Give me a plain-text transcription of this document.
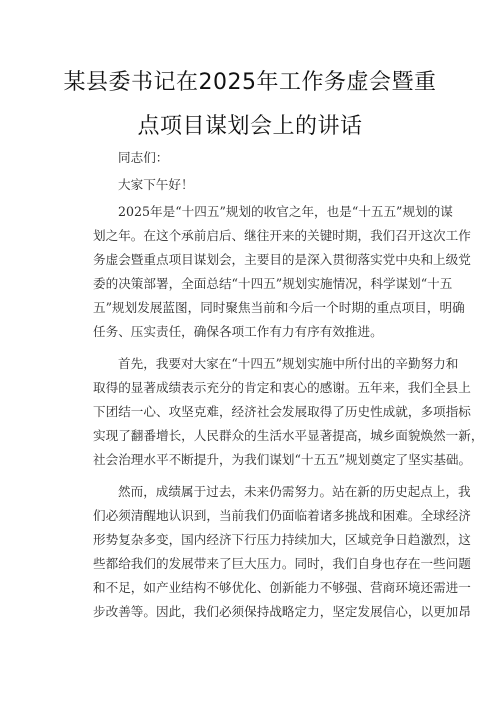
某县委书记在2025年工作务虚会暨重
点项目谋划会上的讲话
同志们：
大家下午好！
2025年是“十四五”规划的收官之年，也是“十五五”规划的谋
划之年。在这个承前启后、继往开来的关键时期，我们召开这次工作
务虚会暨重点项目谋划会，主要目的是深入贯彻落实党中央和上级党
委的决策部署，全面总结“十四五”规划实施情况，科学谋划“十五
五”规划发展蓝图，同时聚焦当前和今后一个时期的重点项目，明确
任务、压实责任，确保各项工作有力有序有效推进。
首先，我要对大家在“十四五”规划实施中所付出的辛勤努力和
取得的显著成绩表示充分的肯定和衷心的感谢。五年来，我们全县上
下团结一心、攻坚克难，经济社会发展取得了历史性成就，多项指标
实现了翻番增长，人民群众的生活水平显著提高，城乡面貌焕然一新，
社会治理水平不断提升，为我们谋划“十五五”规划奠定了坚实基础。
然而，成绩属于过去，未来仍需努力。站在新的历史起点上，我
们必须清醒地认识到，当前我们仍面临着诸多挑战和困难。全球经济
形势复杂多变，国内经济下行压力持续加大，区域竞争日趋激烈，这
些都给我们的发展带来了巨大压力。同时，我们自身也存在一些问题
和不足，如产业结构不够优化、创新能力不够强、营商环境还需进一
步改善等。因此，我们必须保持战略定力，坚定发展信心，以更加昂
